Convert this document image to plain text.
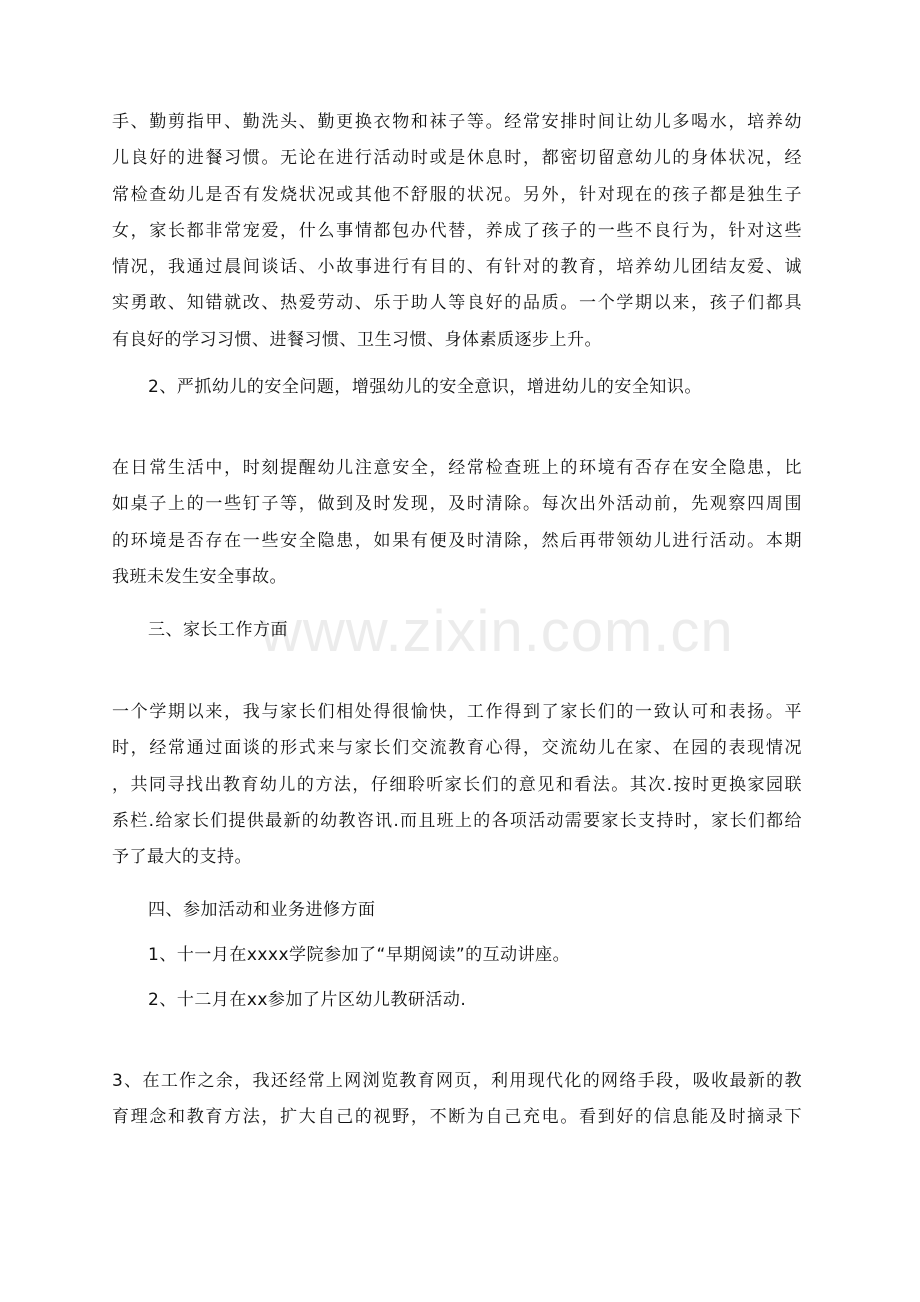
www.zixin.com.cn

手、勤剪指甲、勤洗头、勤更换衣物和袜子等。经常安排时间让幼儿多喝水，培养幼
儿良好的进餐习惯。无论在进行活动时或是休息时，都密切留意幼儿的身体状况，经
常检查幼儿是否有发烧状况或其他不舒服的状况。另外，针对现在的孩子都是独生子
女，家长都非常宠爱，什么事情都包办代替，养成了孩子的一些不良行为，针对这些
情况，我通过晨间谈话、小故事进行有目的、有针对的教育，培养幼儿团结友爱、诚
实勇敢、知错就改、热爱劳动、乐于助人等良好的品质。一个学期以来，孩子们都具
有良好的学习习惯、进餐习惯、卫生习惯、身体素质逐步上升。

2、严抓幼儿的安全问题，增强幼儿的安全意识，增进幼儿的安全知识。

在日常生活中，时刻提醒幼儿注意安全，经常检查班上的环境有否存在安全隐患，比
如桌子上的一些钉子等，做到及时发现，及时清除。每次出外活动前，先观察四周围
的环境是否存在一些安全隐患，如果有便及时清除，然后再带领幼儿进行活动。本期
我班未发生安全事故。

三、家长工作方面

一个学期以来，我与家长们相处得很愉快，工作得到了家长们的一致认可和表扬。平
时，经常通过面谈的形式来与家长们交流教育心得，交流幼儿在家、在园的表现情况
，共同寻找出教育幼儿的方法，仔细聆听家长们的意见和看法。其次.按时更换家园联
系栏.给家长们提供最新的幼教咨讯.而且班上的各项活动需要家长支持时，家长们都给
予了最大的支持。

四、参加活动和业务进修方面

1、十一月在xxxx学院参加了“早期阅读”的互动讲座。

2、十二月在xx参加了片区幼儿教研活动.

3、在工作之余，我还经常上网浏览教育网页，利用现代化的网络手段，吸收最新的教
育理念和教育方法，扩大自己的视野，不断为自己充电。看到好的信息能及时摘录下
